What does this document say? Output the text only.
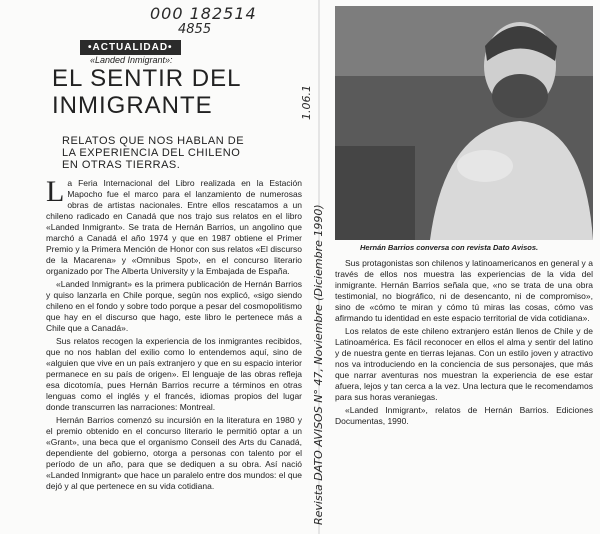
000 182514
4855
1.06.1
Revista DATO AVISOS N° 47, Noviembre (Diciembre 1990)
•ACTUALIDAD•
«Landed Inmigrant»:
EL SENTIR DEL
INMIGRANTE
RELATOS QUE NOS HABLAN DE
LA EXPERIENCIA DEL CHILENO
EN OTRAS TIERRAS.

L a Feria Internacional del Libro realizada en la Estación Mapocho fue el marco para el lanzamiento de numerosas obras de artistas nacionales. Entre ellos rescatamos a un chileno radicado en Canadá que nos trajo sus relatos en el libro «Landed Inmigrant». Se trata de Hernán Barrios, un angolino que marchó a Canadá el año 1974 y que en 1987 obtiene el Primer Premio y la Primera Mención de Honor con sus relatos «El discurso de la Macarena» y «Omnibus Spot», en el concurso literario organizado por The Alberta University y la Embajada de España.

«Landed Inmigrant» es la primera publicación de Hernán Barrios y quiso lanzarla en Chile porque, según nos explicó, «sigo siendo chileno en el fondo y sobre todo porque a pesar del cosmopolitismo que hay en el discurso que hago, este libro le pertenece más a Chile que a Canadá».

Sus relatos recogen la experiencia de los inmigrantes recibidos, que no nos hablan del exilio como lo entendemos aquí, sino de «alguien que vive en un país extranjero y que en su espacio interior permanece en su país de origen». El lenguaje de las obras refleja esa dicotomía, pues Hernán Barrios recurre a términos en otras lenguas como el inglés y el francés, idiomas propios del lugar donde transcurren las narraciones: Montreal.

Hernán Barrios comenzó su incursión en la literatura en 1980 y el premio obtenido en el concurso literario le permitió optar a un «Grant», una beca que el organismo Conseil des Arts du Canadá, dependiente del gobierno, otorga a personas con talento por el período de un año, para que se dediquen a su obra. Así nació «Landed Inmigrant» que hace un paralelo entre dos mundos: el que dejó y al que pertenece en su vida cotidiana.

Hernán Barrios conversa con revista Dato Avisos.

Sus protagonistas son chilenos y latinoamericanos en general y a través de ellos nos muestra las experiencias de la vida del inmigrante. Hernán Barrios señala que, «no se trata de una obra testimonial, no biográfico, ni de desencanto, ni de compromiso», sino de «cómo te miran y cómo tú miras las cosas, cómo vas afirmando tu identidad en este espacio territorial de vida cotidiana».

Los relatos de este chileno extranjero están llenos de Chile y de Latinoamérica. Es fácil reconocer en ellos el alma y sentir del latino y de nuestra gente en tierras lejanas. Con un estilo joven y atractivo nos va introduciendo en la conciencia de sus personajes, que más que narrar aventuras nos muestran la experiencia de ese estar afuera, lejos y tan cerca a la vez. Una lectura que le recomendamos para sus horas veraniegas.

«Landed Inmigrant», relatos de Hernán Barrios. Ediciones Documentas, 1990.
